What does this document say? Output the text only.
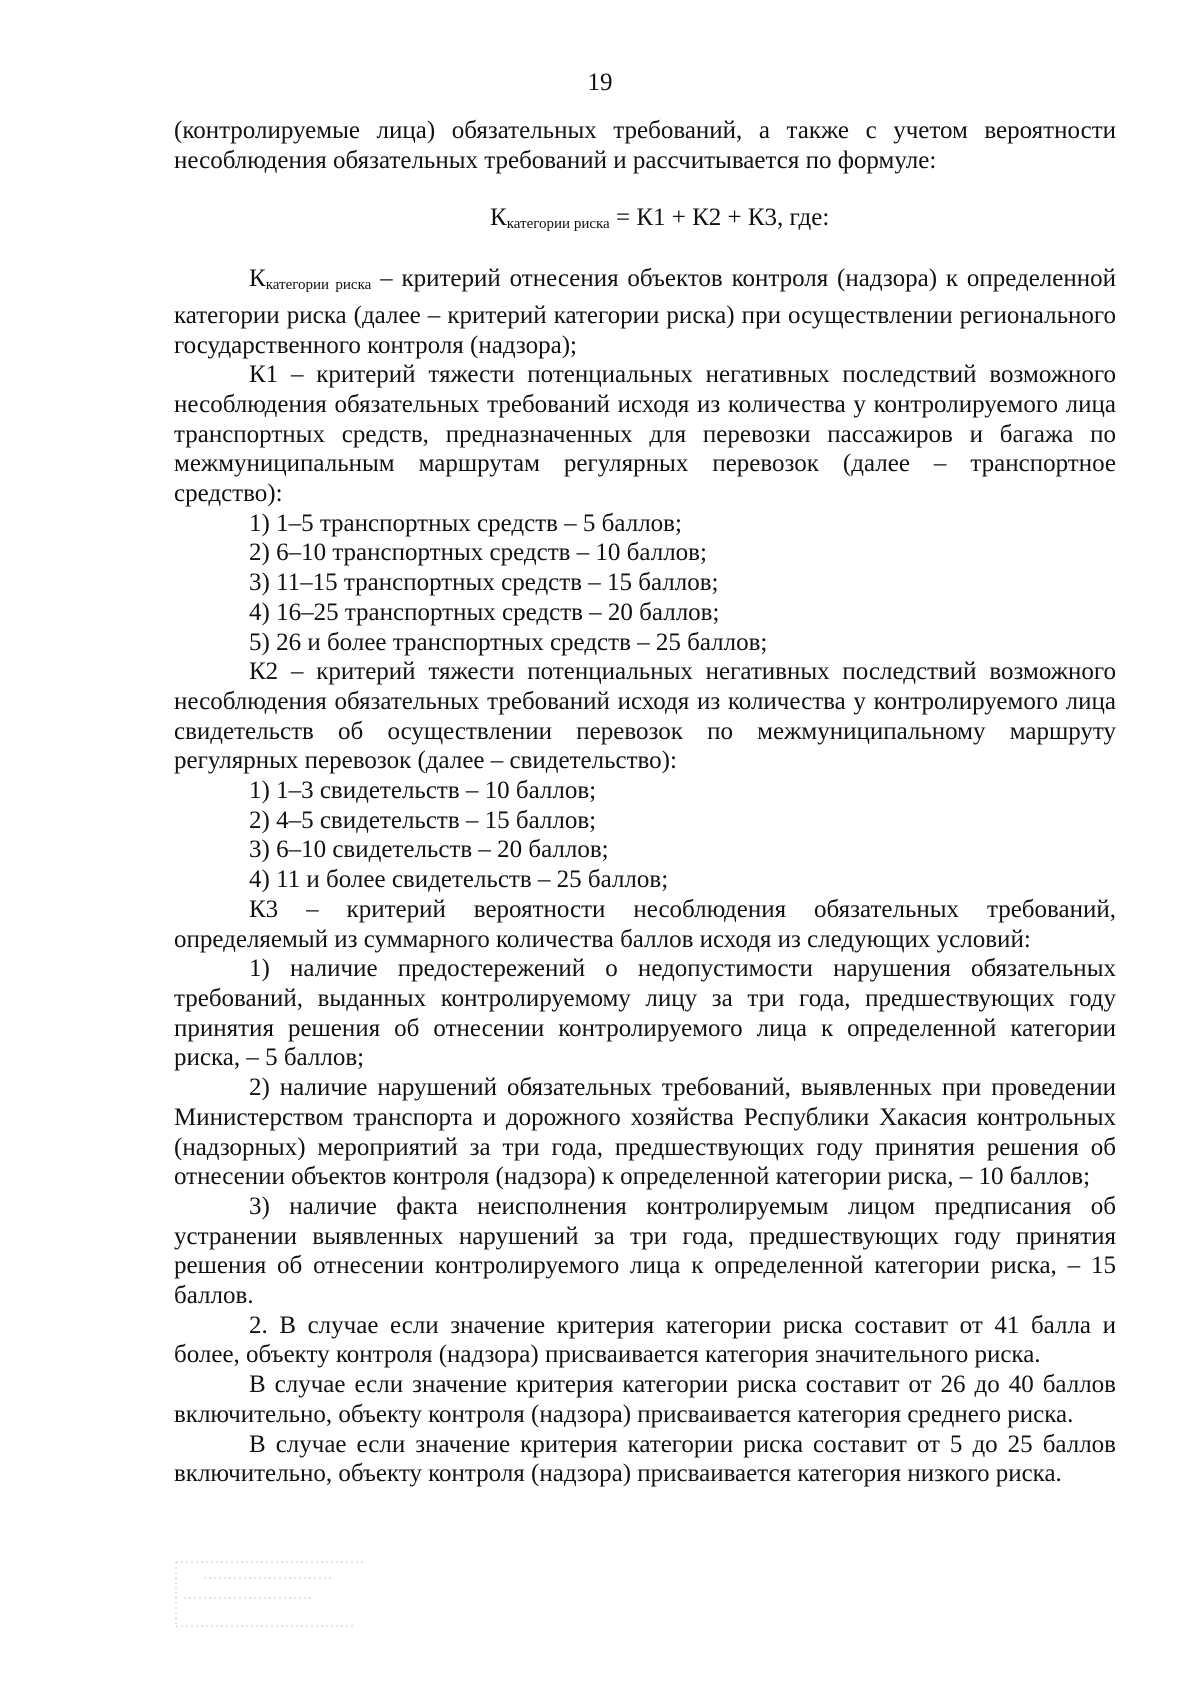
19

(контролируемые лица) обязательных требований, а также с учетом вероятности несоблюдения обязательных требований и рассчитывается по формуле:

$К_{категории риска} = К1 + К2 + К3$, где:

$К_{категории риска}$ – критерий отнесения объектов контроля (надзора) к определенной категории риска (далее – критерий категории риска) при осуществлении регионального государственного контроля (надзора);

К1 – критерий тяжести потенциальных негативных последствий возможного несоблюдения обязательных требований исходя из количества у контролируемого лица транспортных средств, предназначенных для перевозки пассажиров и багажа по межмуниципальным маршрутам регулярных перевозок (далее – транспортное средство):

1) 1–5 транспортных средств – 5 баллов;
2) 6–10 транспортных средств – 10 баллов;
3) 11–15 транспортных средств – 15 баллов;
4) 16–25 транспортных средств – 20 баллов;
5) 26 и более транспортных средств – 25 баллов;

К2 – критерий тяжести потенциальных негативных последствий возможного несоблюдения обязательных требований исходя из количества у контролируемого лица свидетельств об осуществлении перевозок по межмуниципальному маршруту регулярных перевозок (далее – свидетельство):

1) 1–3 свидетельств – 10 баллов;
2) 4–5 свидетельств – 15 баллов;
3) 6–10 свидетельств – 20 баллов;
4) 11 и более свидетельств – 25 баллов;

К3 – критерий вероятности несоблюдения обязательных требований, определяемый из суммарного количества баллов исходя из следующих условий:

1) наличие предостережений о недопустимости нарушения обязательных требований, выданных контролируемому лицу за три года, предшествующих году принятия решения об отнесении контролируемого лица к определенной категории риска, – 5 баллов;

2) наличие нарушений обязательных требований, выявленных при проведении Министерством транспорта и дорожного хозяйства Республики Хакасия контрольных (надзорных) мероприятий за три года, предшествующих году принятия решения об отнесении объектов контроля (надзора) к определенной категории риска, – 10 баллов;

3) наличие факта неисполнения контролируемым лицом предписания об устранении выявленных нарушений за три года, предшествующих году принятия решения об отнесении контролируемого лица к определенной категории риска, – 15 баллов.

2. В случае если значение критерия категории риска составит от 41 балла и более, объекту контроля (надзора) присваивается категория значительного риска.

В случае если значение критерия категории риска составит от 26 до 40 баллов включительно, объекту контроля (надзора) присваивается категория среднего риска.

В случае если значение критерия категории риска составит от 5 до 25 баллов включительно, объекту контроля (надзора) присваивается категория низкого риска.
